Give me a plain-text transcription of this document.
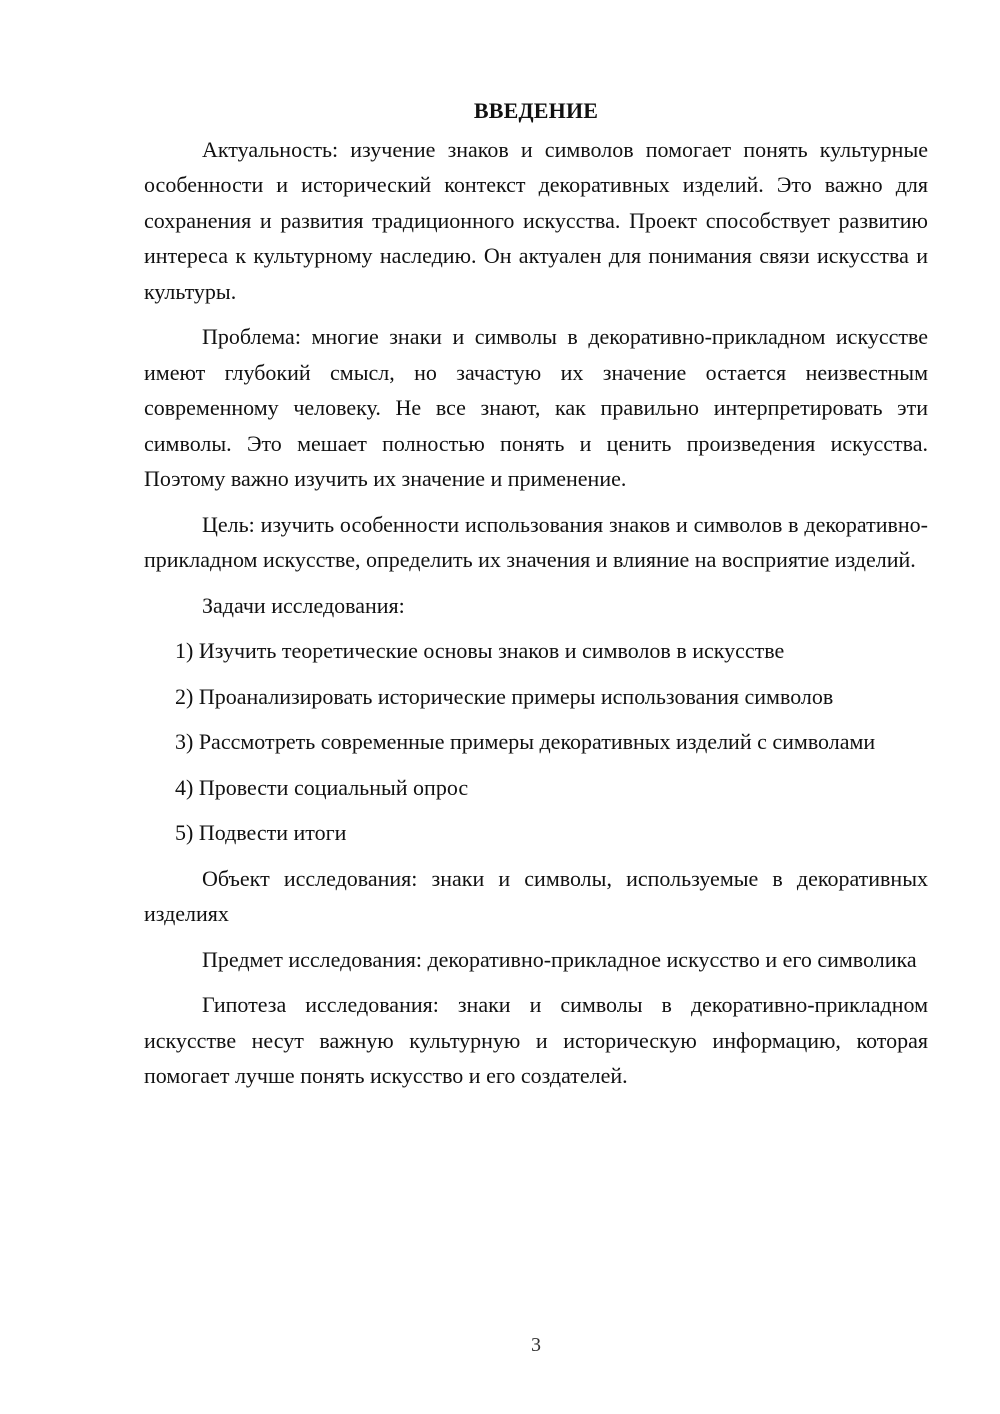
ВВЕДЕНИЕ

Актуальность: изучение знаков и символов помогает понять культурные особенности и исторический контекст декоративных изделий. Это важно для сохранения и развития традиционного искусства. Проект способствует развитию интереса к культурному наследию. Он актуален для понимания связи искусства и культуры.

Проблема: многие знаки и символы в декоративно-прикладном искусстве имеют глубокий смысл, но зачастую их значение остается неизвестным современному человеку. Не все знают, как правильно интерпретировать эти символы. Это мешает полностью понять и ценить произведения искусства. Поэтому важно изучить их значение и применение.

Цель: изучить особенности использования знаков и символов в декоративно-прикладном искусстве, определить их значения и влияние на восприятие изделий.

Задачи исследования:

1) Изучить теоретические основы знаков и символов в искусстве

2) Проанализировать исторические примеры использования символов

3) Рассмотреть современные примеры декоративных изделий с символами

4) Провести социальный опрос

5) Подвести итоги

Объект исследования: знаки и символы, используемые в декоративных изделиях

Предмет исследования: декоративно-прикладное искусство и его символика

Гипотеза исследования: знаки и символы в декоративно-прикладном искусстве несут важную культурную и историческую информацию, которая помогает лучше понять искусство и его создателей.

3
